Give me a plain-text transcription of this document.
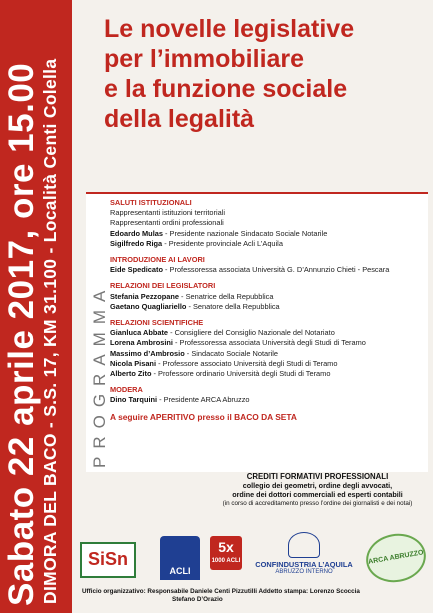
Sabato 22 aprile 2017, ore 15.00 DIMORA DEL BACO - S.S. 17, KM 31.100 - Località Centi Colella
Le novelle legislative
per l’immobiliare
e la funzione sociale
della legalità
PROGRAMMA
SALUTI ISTITUZIONALI
Rappresentanti istituzioni territoriali
Rappresentanti ordini professionali
Edoardo Mulas - Presidente nazionale Sindacato Sociale Notarile
Sigilfredo Riga - Presidente provinciale Acli L’Aquila
INTRODUZIONE AI LAVORI
Eide Spedicato - Professoressa associata Università G. D’Annunzio Chieti - Pescara
RELAZIONI DEI LEGISLATORI
Stefania Pezzopane - Senatrice della Repubblica
Gaetano Quagliariello - Senatore della Repubblica
RELAZIONI SCIENTIFICHE
Gianluca Abbate - Consigliere del Consiglio Nazionale del Notariato
Lorena Ambrosini - Professoressa associata Università degli Studi di Teramo
Massimo d’Ambrosio - Sindacato Sociale Notarile
Nicola Pisani - Professore associato Università degli Studi di Teramo
Alberto Zito - Professore ordinario Università degli Studi di Teramo
MODERA
Dino Tarquini - Presidente ARCA Abruzzo
A seguire APERITIVO presso il BACO DA SETA
CREDITI FORMATIVI PROFESSIONALI
collegio dei geometri, ordine degli avvocati,
ordine dei dottori commerciali ed esperti contabili
(in corso di accreditamento presso l’ordine dei giornalisti e dei notai)
SiSn
ACLI
5x
1000 ACLI CONFINDUSTRIA L’AQUILA
ABRUZZO INTERNO
ARCA ABRUZZO
Ufficio organizzativo: Responsabile Daniele Centi Pizzutilli Addetto stampa: Lorenzo Scoccia
Stefano D’Orazio
